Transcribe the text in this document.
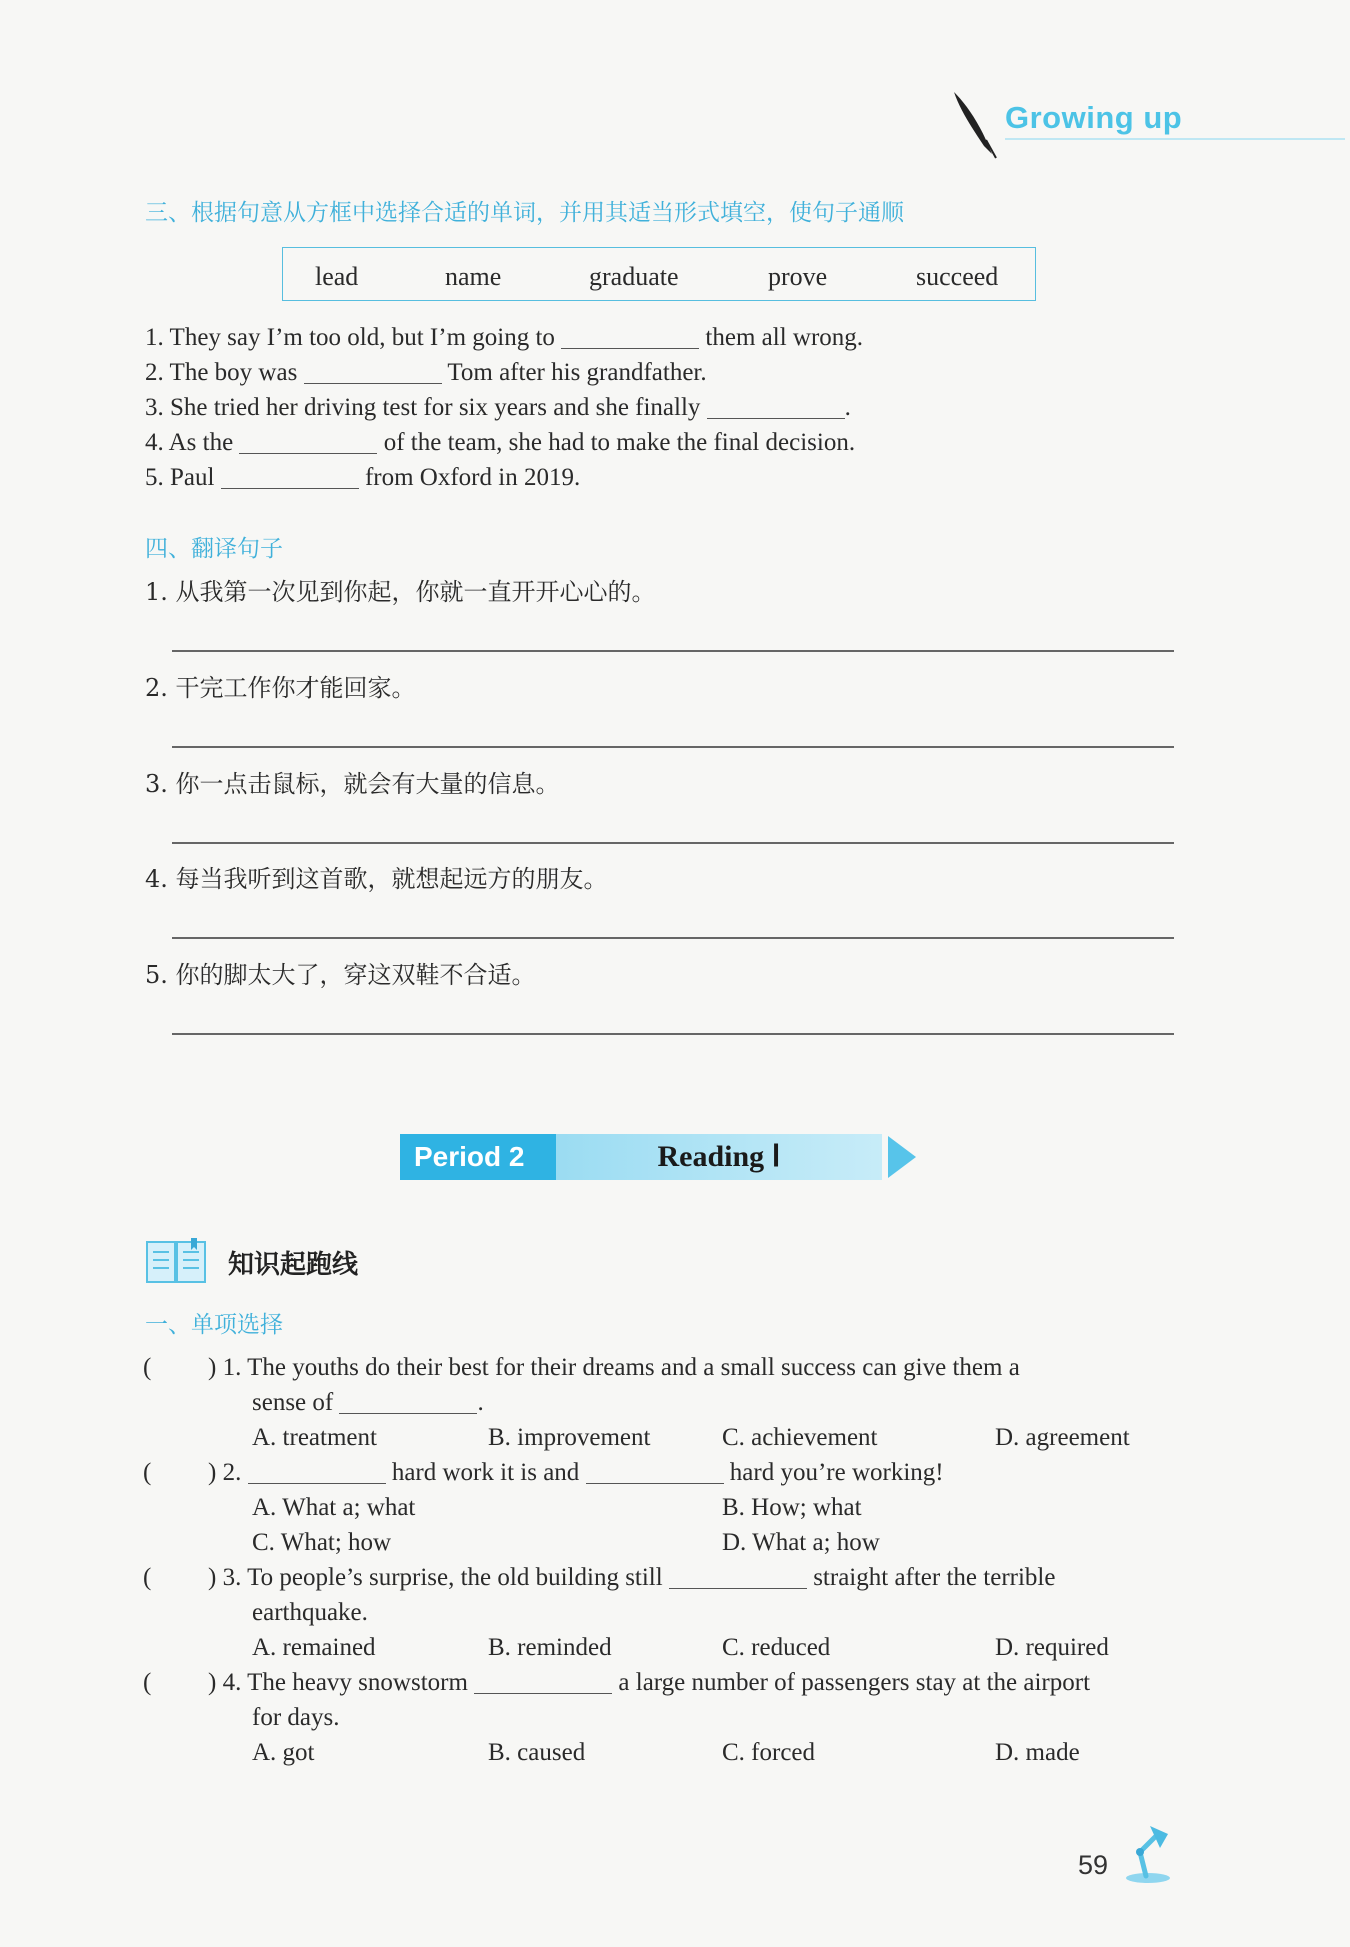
Growing up
三、根据句意从方框中选择合适的单词，并用其适当形式填空，使句子通顺
lead	name	graduate	prove	succeed
1. They say I’m too old, but I’m going to	them all wrong.
2. The boy was	Tom after his grandfather.
3. She tried her driving test for six years and she finally	.
4. As the	of the team, she had to make the final decision.
5. Paul	from Oxford in 2019.
四、翻译句子
1. 从我第一次见到你起，你就一直开开心心的。
2. 干完工作你才能回家。
3. 你一点击鼠标，就会有大量的信息。
4. 每当我听到这首歌，就想起远方的朋友。
5. 你的脚太大了，穿这双鞋不合适。
Period 2	Reading Ⅰ
知识起跑线
一、单项选择
( ) 1. The youths do their best for their dreams and a small success can give them a
sense of	.
A. treatment	B. improvement	C. achievement	D. agreement
( ) 2.	hard work it is and	hard you’re working!
A. What a; what	B. How; what
C. What; how	D. What a; how
( ) 3. To people’s surprise, the old building still	straight after the terrible
earthquake.
A. remained	B. reminded	C. reduced	D. required
( ) 4. The heavy snowstorm	a large number of passengers stay at the airport
for days.
A. got	B. caused	C. forced	D. made
59
